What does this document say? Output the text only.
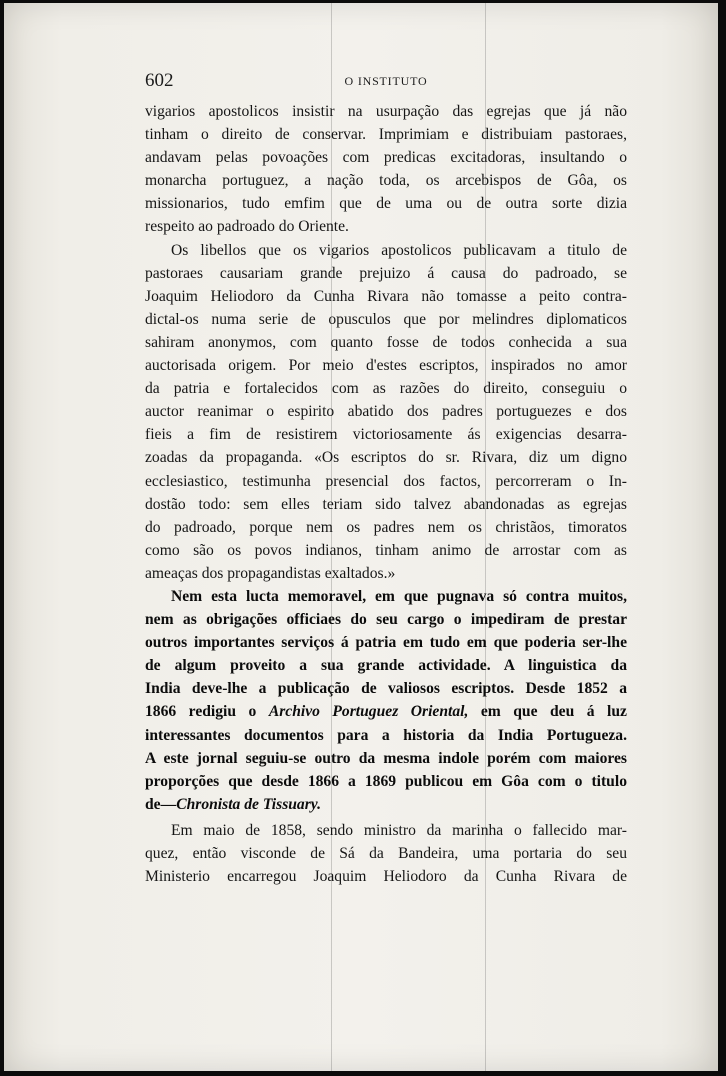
602	O INSTITUTO
vigarios apostolicos insistir na usurpação das egrejas que já não
tinham o direito de conservar. Imprimiam e distribuiam pastoraes,
andavam pelas povoações com predicas excitadoras, insultando o
monarcha portuguez, a nação toda, os arcebispos de Gôa, os
missionarios, tudo emfim que de uma ou de outra sorte dizia
respeito ao padroado do Oriente.
Os libellos que os vigarios apostolicos publicavam a titulo de
pastoraes causariam grande prejuizo á causa do padroado, se
Joaquim Heliodoro da Cunha Rivara não tomasse a peito contra-
dictal-os numa serie de opusculos que por melindres diplomaticos
sahiram anonymos, com quanto fosse de todos conhecida a sua
auctorisada origem. Por meio d'estes escriptos, inspirados no amor
da patria e fortalecidos com as razões do direito, conseguiu o
auctor reanimar o espirito abatido dos padres portuguezes e dos
fieis a fim de resistirem victoriosamente ás exigencias desarra-
zoadas da propaganda. «Os escriptos do sr. Rivara, diz um digno
ecclesiastico, testimunha presencial dos factos, percorreram o In-
dostão todo: sem elles teriam sido talvez abandonadas as egrejas
do padroado, porque nem os padres nem os christãos, timoratos
como são os povos indianos, tinham animo de arrostar com as
ameaças dos propagandistas exaltados.»
Nem esta lucta memoravel, em que pugnava só contra muitos,
nem as obrigações officiaes do seu cargo o impediram de prestar
outros importantes serviços á patria em tudo em que poderia ser-lhe
de algum proveito a sua grande actividade. A linguistica da
India deve-lhe a publicação de valiosos escriptos. Desde 1852 a
1866 redigiu o Archivo Portuguez Oriental, em que deu á luz
interessantes documentos para a historia da India Portugueza.
A este jornal seguiu-se outro da mesma indole porém com maiores
proporções que desde 1866 a 1869 publicou em Gôa com o titulo
de—Chronista de Tissuary.
Em maio de 1858, sendo ministro da marinha o fallecido mar-
quez, então visconde de Sá da Bandeira, uma portaria do seu
Ministerio encarregou Joaquim Heliodoro da Cunha Rivara de
